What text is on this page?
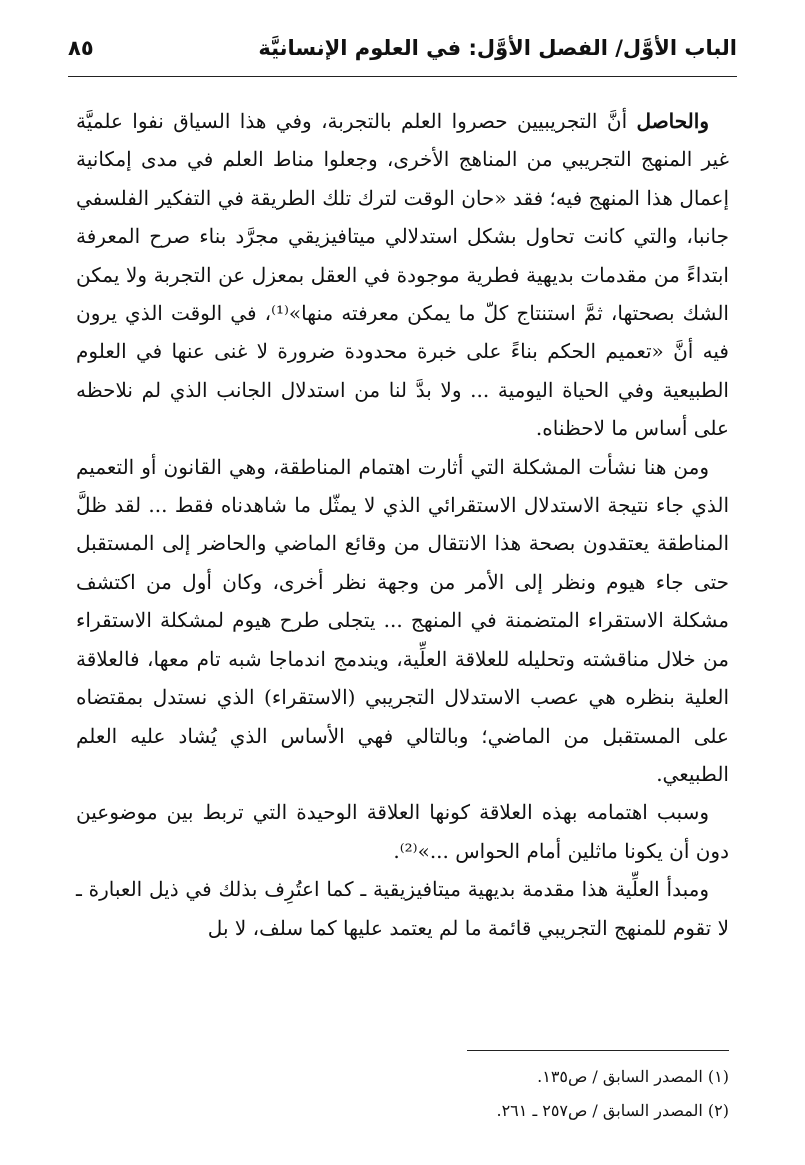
الباب الأوَّل/ الفصل الأوَّل: في العلوم الإنسانيَّة
٨٥

والحاصل أنَّ التجريبيين حصروا العلم بالتجربة، وفي هذا السياق نفوا علميَّة غير المنهج التجريبي من المناهج الأخرى، وجعلوا مناط العلم في مدى إمكانية إعمال هذا المنهج فيه؛ فقد «حان الوقت لترك تلك الطريقة في التفكير الفلسفي جانبا، والتي كانت تحاول بشكل استدلالي ميتافيزيقي مجرَّد بناء صرح المعرفة ابتداءً من مقدمات بديهية فطرية موجودة في العقل بمعزل عن التجربة ولا يمكن الشك بصحتها، ثمَّ استنتاج كلّ ما يمكن معرفته منها»⁽¹⁾، في الوقت الذي يرون فيه أنَّ «تعميم الحكم بناءً على خبرة محدودة ضرورة لا غنى عنها في العلوم الطبيعية وفي الحياة اليومية ... ولا بدَّ لنا من استدلال الجانب الذي لم نلاحظه على أساس ما لاحظناه.

ومن هنا نشأت المشكلة التي أثارت اهتمام المناطقة، وهي القانون أو التعميم الذي جاء نتيجة الاستدلال الاستقرائي الذي لا يمثّل ما شاهدناه فقط ... لقد ظلَّ المناطقة يعتقدون بصحة هذا الانتقال من وقائع الماضي والحاضر إلى المستقبل حتى جاء هيوم ونظر إلى الأمر من وجهة نظر أخرى، وكان أول من اكتشف مشكلة الاستقراء المتضمنة في المنهج ... يتجلى طرح هيوم لمشكلة الاستقراء من خلال مناقشته وتحليله للعلاقة العلِّية، ويندمج اندماجا شبه تام معها، فالعلاقة العلية بنظره هي عصب الاستدلال التجريبي (الاستقراء) الذي نستدل بمقتضاه على المستقبل من الماضي؛ وبالتالي فهي الأساس الذي يُشاد عليه العلم الطبيعي.

وسبب اهتمامه بهذه العلاقة كونها العلاقة الوحيدة التي تربط بين موضوعين دون أن يكونا ماثلين أمام الحواس ...»⁽²⁾.

ومبدأ العلِّية هذا مقدمة بديهية ميتافيزيقية ـ كما اعتُرِف بذلك في ذيل العبارة ـ لا تقوم للمنهج التجريبي قائمة ما لم يعتمد عليها كما سلف، لا بل

(١) المصدر السابق / ص١٣٥.

(٢) المصدر السابق / ص٢٥٧ ـ ٢٦١.
